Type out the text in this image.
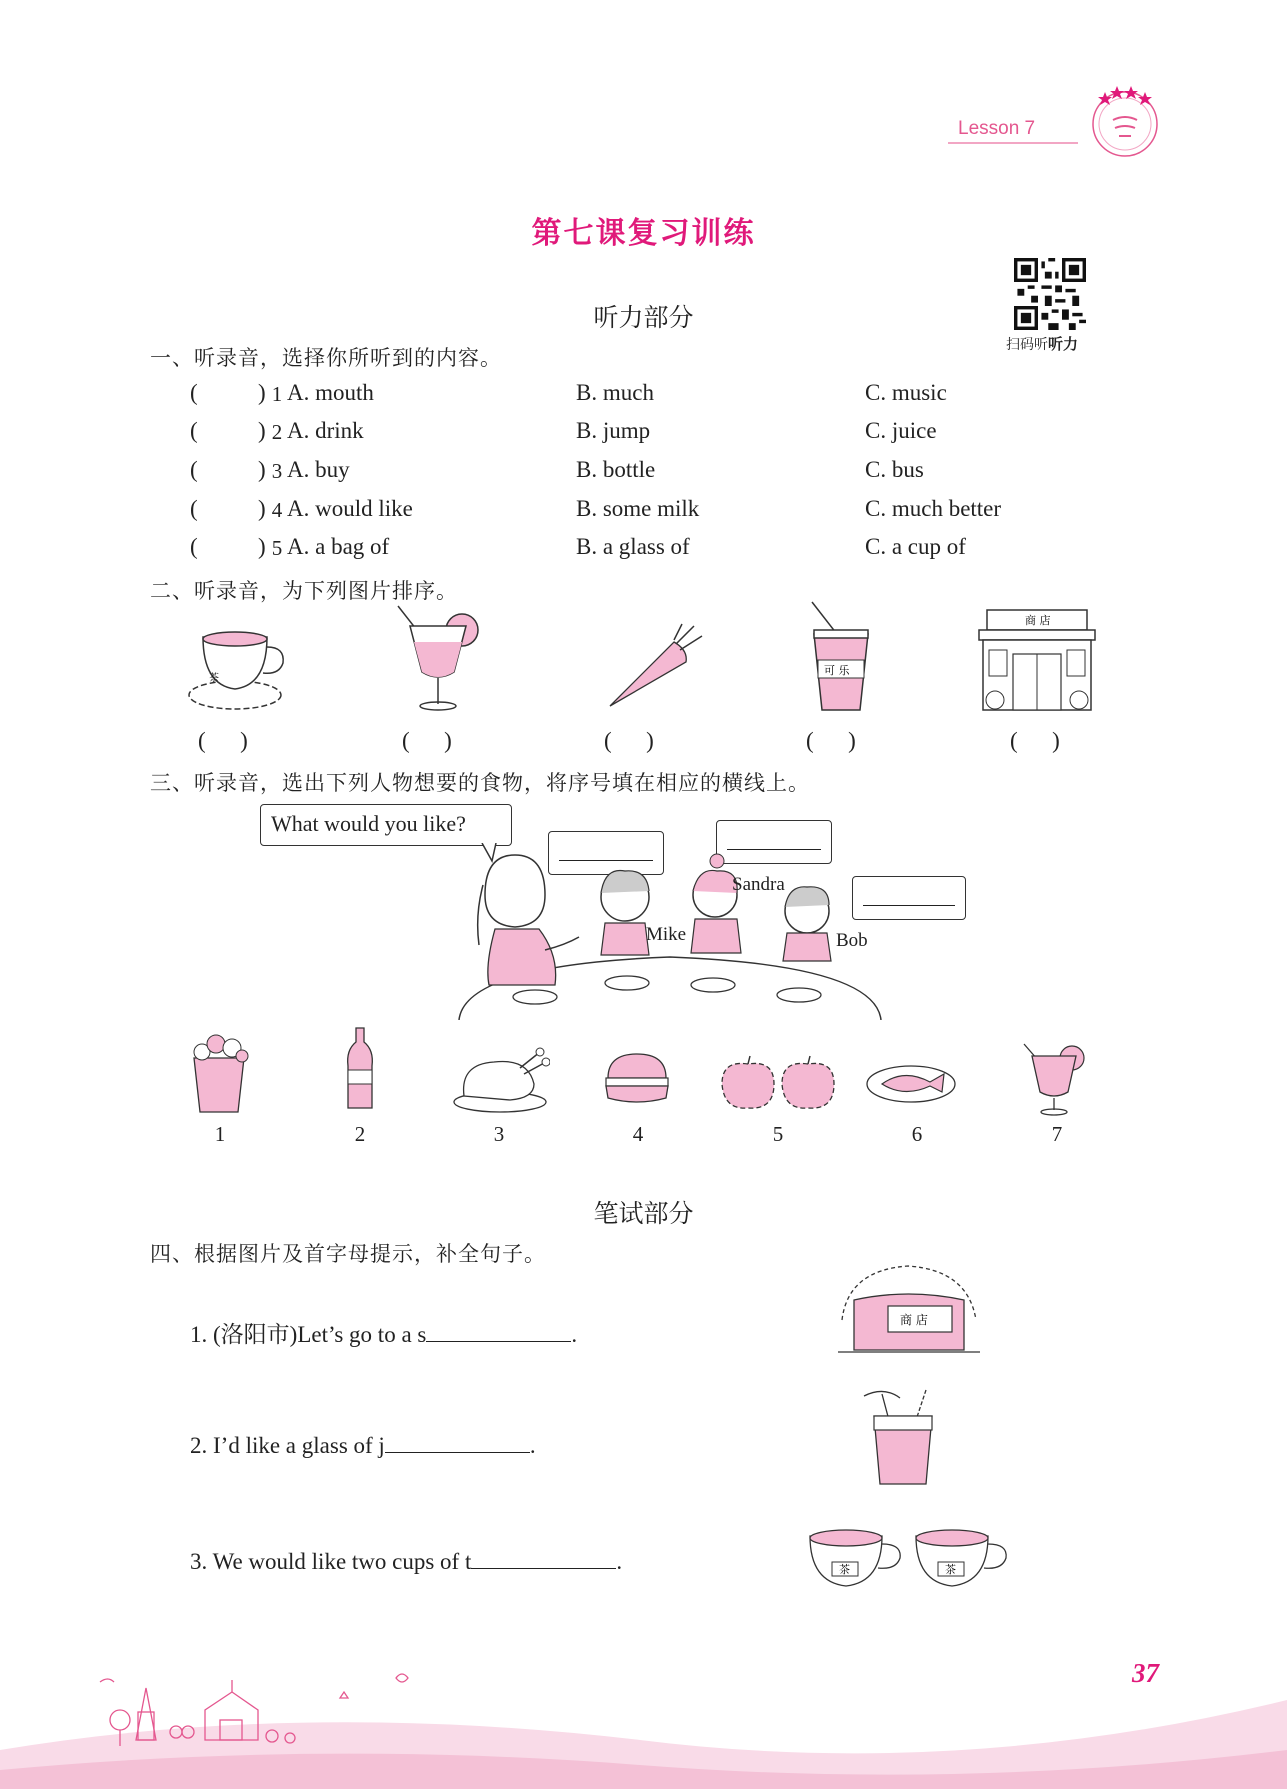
Lesson 7
第七课复习训练
听力部分
扫码听听力
一、听录音，选择你所听到的内容。
(	) 1 A. mouth	B. much	C. music
(	) 2 A. drink	B. jump	C. juice
(	) 3 A. buy	B. bottle	C. bus
(	) 4 A. would like	B. some milk	C. much better
(	) 5 A. a bag of	B. a glass of	C. a cup of
二、听录音，为下列图片排序。
茶
可 乐
商 店
(      )	(      )	(      )	(      )	(      )
三、听录音，选出下列人物想要的食物，将序号填在相应的横线上。
What would you like?
Mike
Sandra
Bob
1	2	3	4	5	6	7
笔试部分
四、根据图片及首字母提示，补全句子。
1. (洛阳市)Let’s go to a s	.
2. I’d like a glass of j	.
3. We would like two cups of t	.
商 店
茶	茶
37
